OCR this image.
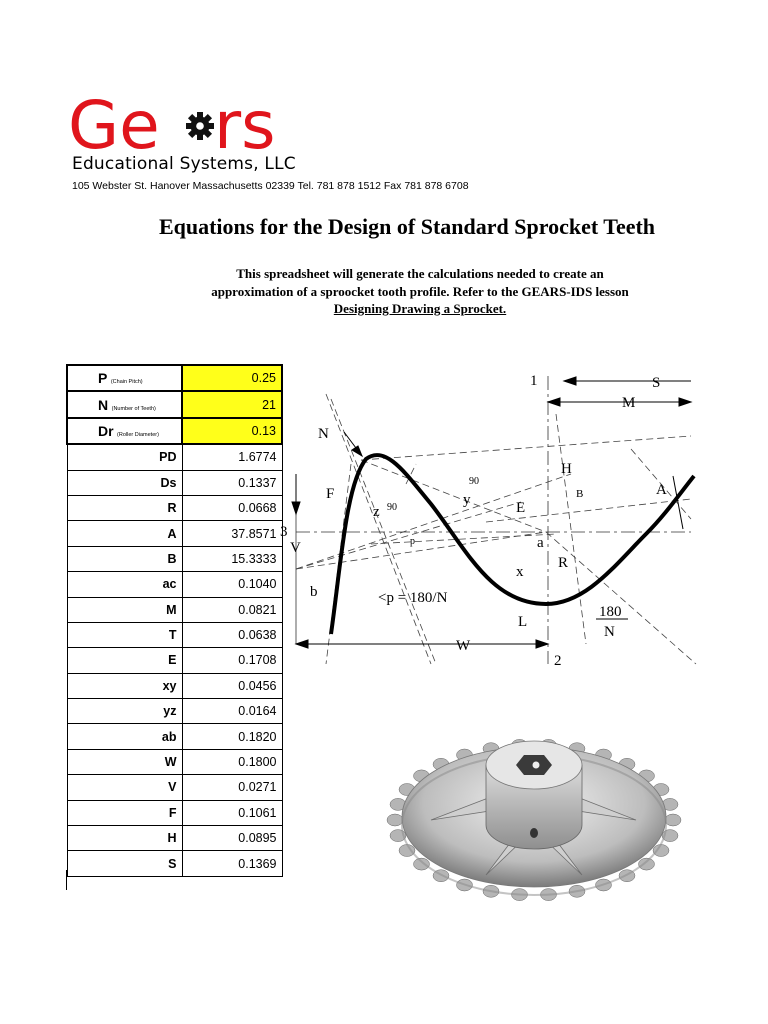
Ge rs
Educational Systems, LLC
105 Webster St. Hanover Massachusetts 02339 Tel. 781 878 1512 Fax 781 878 6708
Equations for the Design of Standard Sprocket Teeth
This spreadsheet will generate the calculations needed to create an
approximation of a sproocket tooth profile. Refer to the GEARS-IDS lesson
Designing Drawing a Sprocket.
P (Chain Pitch)	0.25
N (Number of Teeth)	21
Dr (Roller Diameter)	0.13
PD	1.6774
Ds	0.1337
R	0.0668
A	37.8571
B	15.3333
ac	0.1040
M	0.0821
T	0.0638
E	0.1708
xy	0.0456
yz	0.0164
ab	0.1820
W	0.1800
V	0.0271
F	0.1061
H	0.0895
S	0.1369
1	S
M
N
H
B	A
F
90
90	y	E
z
3
V	p	a
R
x
b	<p = 180/N
L
180
N
W
2
